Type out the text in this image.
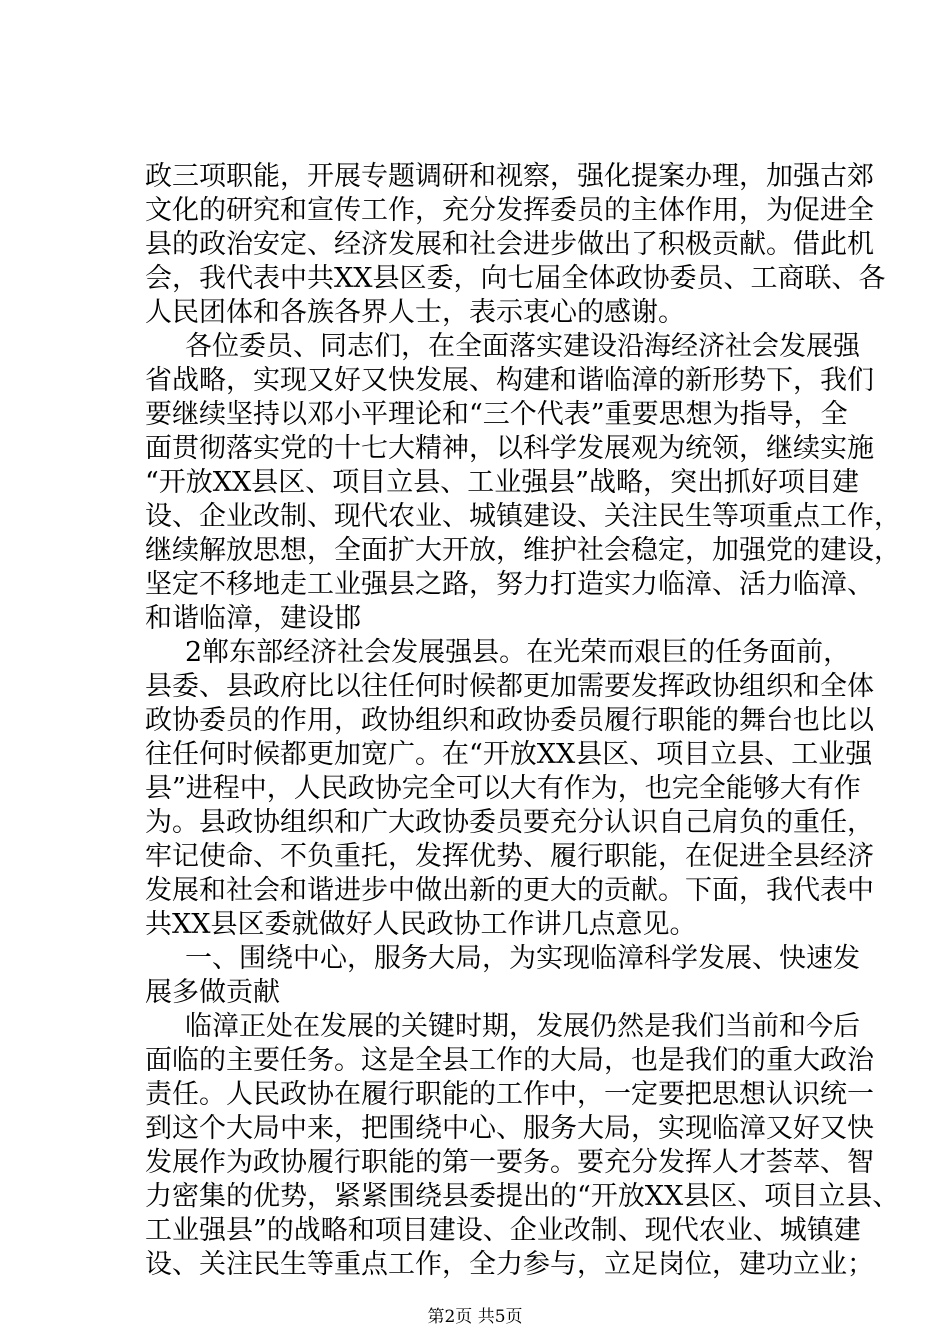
政三项职能，开展专题调研和视察，强化提案办理，加强古郊
文化的研究和宣传工作，充分发挥委员的主体作用，为促进全
县的政治安定、经济发展和社会进步做出了积极贡献。借此机
会，我代表中共XX县区委，向七届全体政协委员、工商联、各
人民团体和各族各界人士，表示衷心的感谢。
各位委员、同志们，在全面落实建设沿海经济社会发展强
省战略，实现又好又快发展、构建和谐临漳的新形势下，我们
要继续坚持以邓小平理论和“三个代表”重要思想为指导，全
面贯彻落实党的十七大精神，以科学发展观为统领，继续实施
“开放XX县区、项目立县、工业强县”战略，突出抓好项目建
设、企业改制、现代农业、城镇建设、关注民生等项重点工作，
继续解放思想，全面扩大开放，维护社会稳定，加强党的建设，
坚定不移地走工业强县之路，努力打造实力临漳、活力临漳、
和谐临漳，建设邯
2郸东部经济社会发展强县。在光荣而艰巨的任务面前，
县委、县政府比以往任何时候都更加需要发挥政协组织和全体
政协委员的作用，政协组织和政协委员履行职能的舞台也比以
往任何时候都更加宽广。在“开放XX县区、项目立县、工业强
县”进程中，人民政协完全可以大有作为，也完全能够大有作
为。县政协组织和广大政协委员要充分认识自己肩负的重任，
牢记使命、不负重托，发挥优势、履行职能，在促进全县经济
发展和社会和谐进步中做出新的更大的贡献。下面，我代表中
共XX县区委就做好人民政协工作讲几点意见。
一、围绕中心，服务大局，为实现临漳科学发展、快速发
展多做贡献
临漳正处在发展的关键时期，发展仍然是我们当前和今后
面临的主要任务。这是全县工作的大局，也是我们的重大政治
责任。人民政协在履行职能的工作中，一定要把思想认识统一
到这个大局中来，把围绕中心、服务大局，实现临漳又好又快
发展作为政协履行职能的第一要务。要充分发挥人才荟萃、智
力密集的优势，紧紧围绕县委提出的“开放XX县区、项目立县、
工业强县”的战略和项目建设、企业改制、现代农业、城镇建
设、关注民生等重点工作，全力参与，立足岗位，建功立业；
第2页 共5页
